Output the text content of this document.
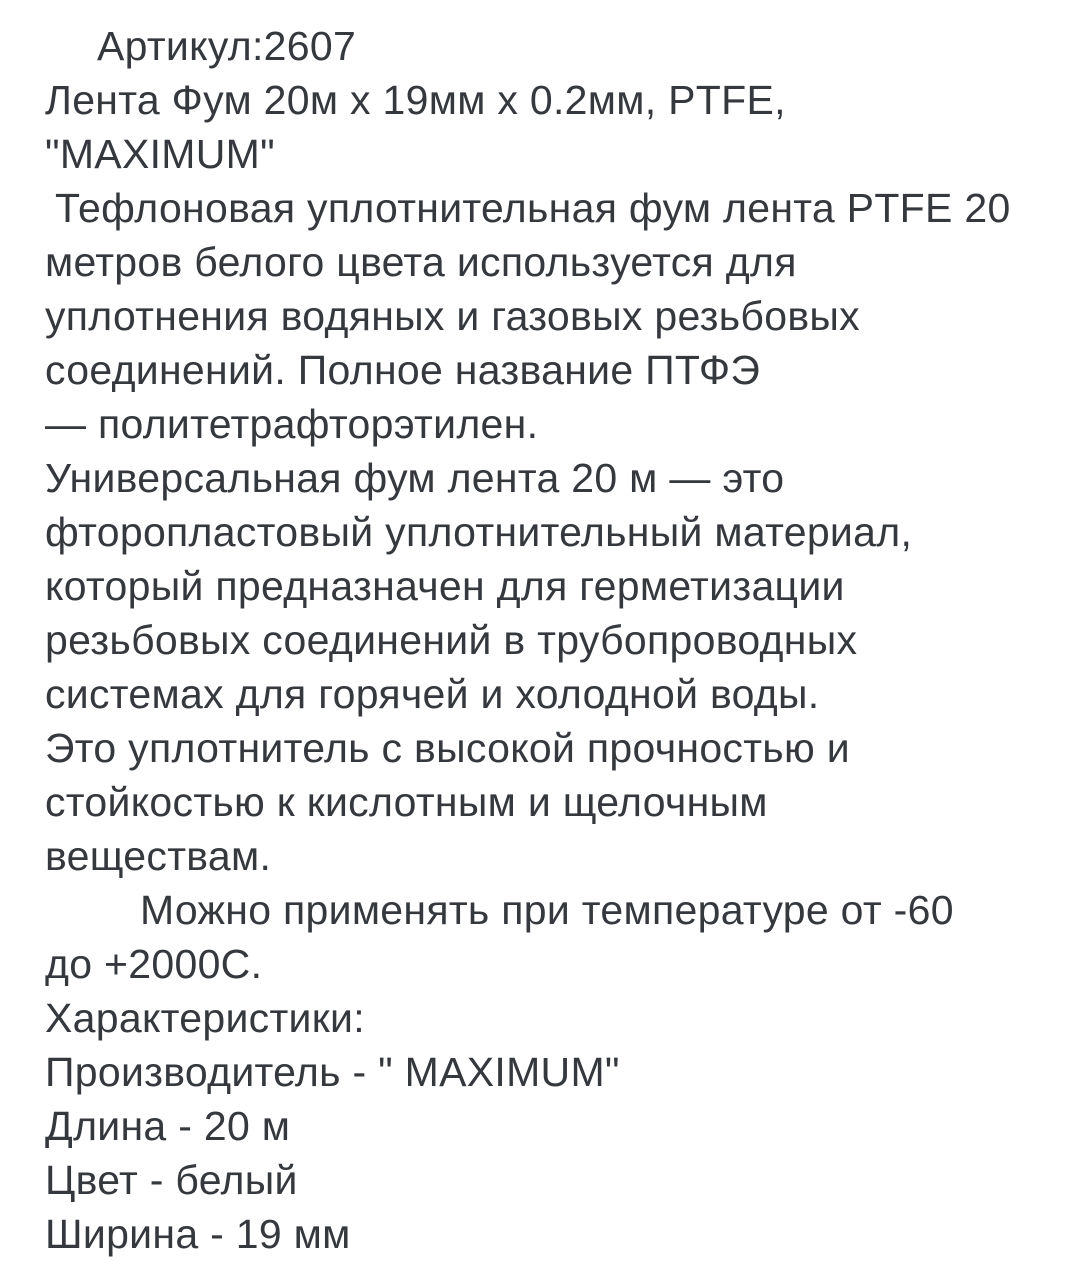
Артикул:2607
Лента Фум 20м х 19мм х 0.2мм, PTFE,
"MAXIMUM"
Тефлоновая уплотнительная фум лента PTFE 20
метров белого цвета используется для
уплотнения водяных и газовых резьбовых
соединений. Полное название ПТФЭ
— политетрафторэтилен.
Универсальная фум лента 20 м — это
фторопластовый уплотнительный материал,
который предназначен для герметизации
резьбовых соединений в трубопроводных
системах для горячей и холодной воды.
Это уплотнитель с высокой прочностью и
стойкостью к кислотным и щелочным
веществам.
Можно применять при температуре от -60
до +2000С.
Характеристики:
Производитель - " MAXIMUM"
Длина - 20 м
Цвет - белый
Ширина - 19 мм
